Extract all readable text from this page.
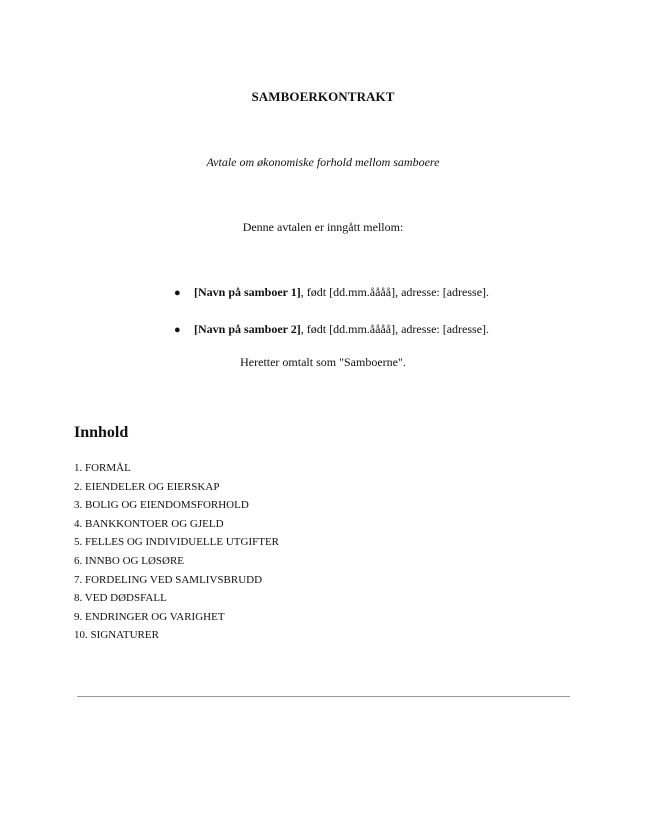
SAMBOERKONTRAKT
Avtale om økonomiske forhold mellom samboere
Denne avtalen er inngått mellom:
● [Navn på samboer 1], født [dd.mm.åååå], adresse: [adresse].
● [Navn på samboer 2], født [dd.mm.åååå], adresse: [adresse].
Heretter omtalt som "Samboerne".
Innhold
1. FORMÅL
2. EIENDELER OG EIERSKAP
3. BOLIG OG EIENDOMSFORHOLD
4. BANKKONTOER OG GJELD
5. FELLES OG INDIVIDUELLE UTGIFTER
6. INNBO OG LØSØRE
7. FORDELING VED SAMLIVSBRUDD
8. VED DØDSFALL
9. ENDRINGER OG VARIGHET
10. SIGNATURER
